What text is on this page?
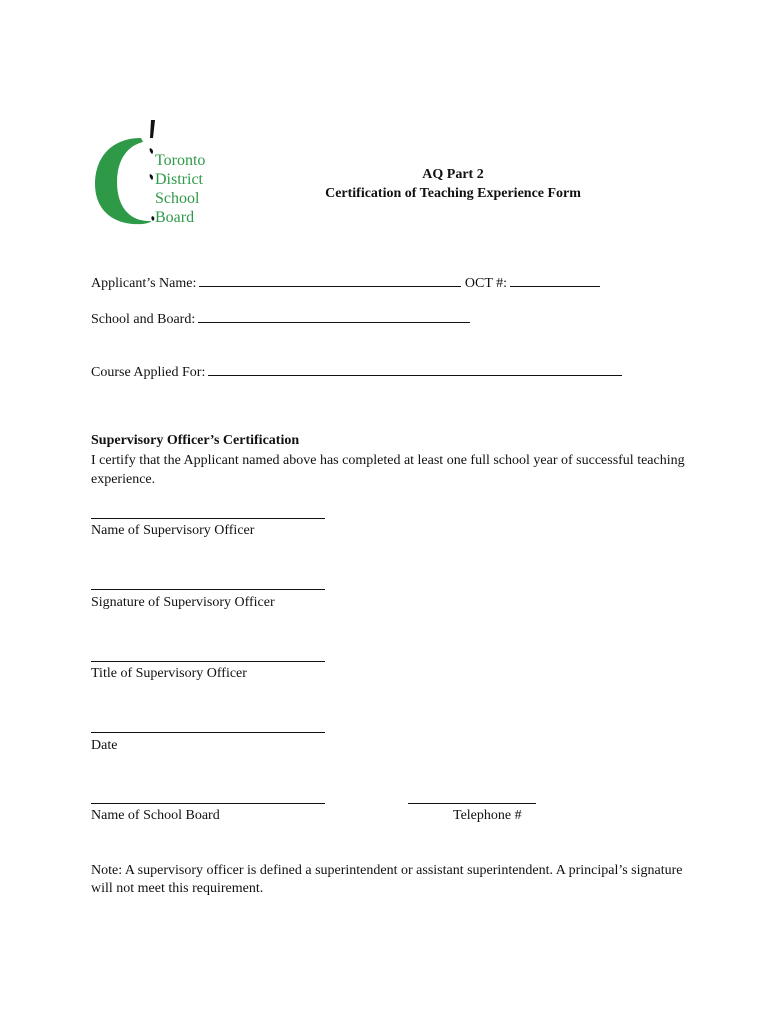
Toronto
District
School
Board
AQ Part 2
Certification of Teaching Experience Form
Applicant’s Name:	OCT #:
School and Board:
Course Applied For:
Supervisory Officer’s Certification
I certify that the Applicant named above has completed at least one full school year of successful teaching experience.
Name of Supervisory Officer
Signature of Supervisory Officer
Title of Supervisory Officer
Date
Name of School Board	Telephone #
Note: A supervisory officer is defined a superintendent or assistant superintendent. A principal’s signature will not meet this requirement.
